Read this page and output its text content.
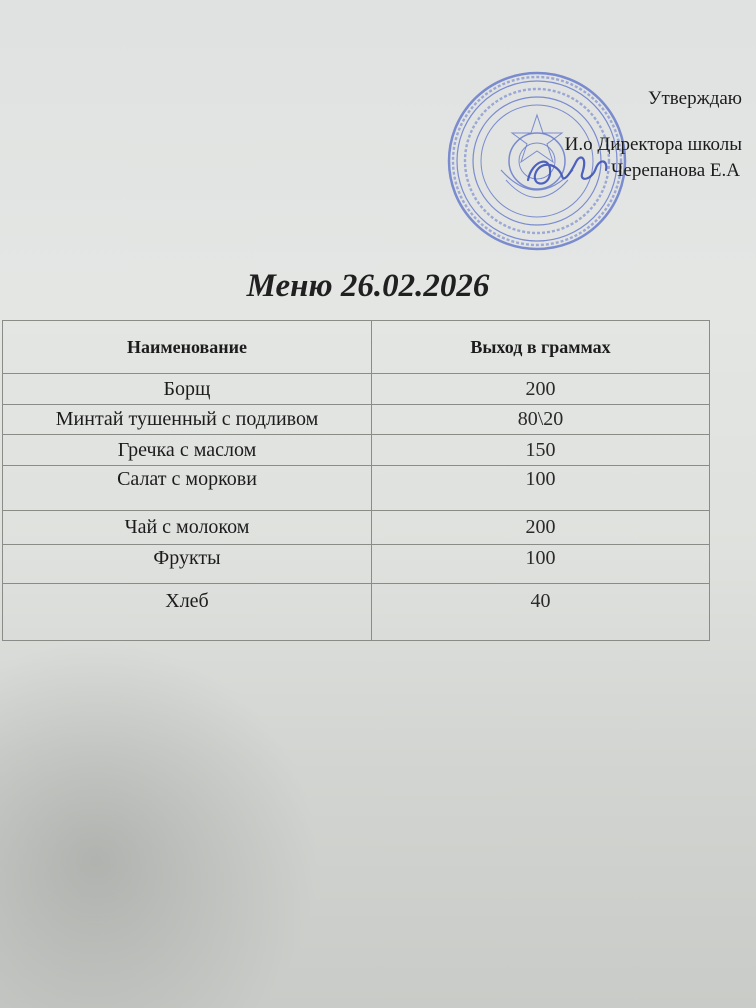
Утверждаю
И.о Директора школы
Черепанова Е.А
Меню 26.02.2026
Наименование	Выход в граммах
Борщ	200
Минтай тушенный с подливом	80\20
Гречка с маслом	150
Салат с моркови	100
Чай с молоком	200
Фрукты	100
Хлеб	40
